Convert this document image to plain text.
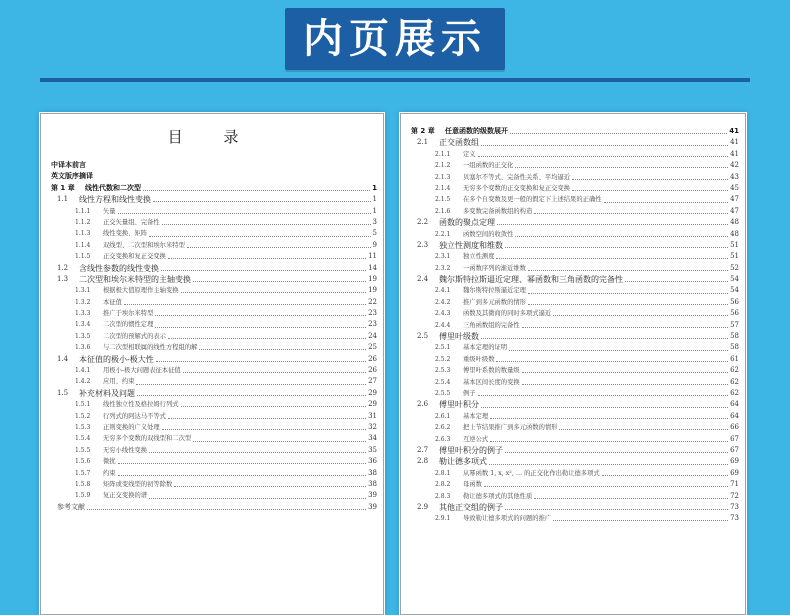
内页展示
目 录
中译本前言
英文版序摘译
第 1 章	线性代数和二次型	1
1.1	线性方程和线性变换	1
1.1.1	矢量	1
1.1.2	正交矢量组、完备性	3
1.1.3	线性变换、矩阵	5
1.1.4	双线型、二次型和埃尔米特型	9
1.1.5	正交变换和复正交变换	11
1.2	含线性参数的线性变换	14
1.3	二次型和埃尔米特型的主轴变换	19
1.3.1	根据极大值原理作主轴变换	19
1.3.2	本征值	22
1.3.3	推广于埃尔米特型	23
1.3.4	二次型的惯性定理	23
1.3.5	二次型的预解式的表示	24
1.3.6	与二次型相联属的线性方程组的解	25
1.4	本征值的极小-极大性	26
1.4.1	用极小-极大问题表征本征值	26
1.4.2	应用、约束	27
1.5	补充材料及问题	29
1.5.1	线性独立性及格拉姆行列式	29
1.5.2	行列式的阿达马不等式	31
1.5.3	正则变换的广义处理	32
1.5.4	无穷多个变数的双线型和二次型	34
1.5.5	无穷小线性变换	35
1.5.6	微扰	36
1.5.7	约束	38
1.5.8	矩阵或变线型的初等除数	38
1.5.9	复正交变换的谱	39
参考文献	39
第 2 章	任意函数的级数展开	41
2.1	正交函数组	41
2.1.1	定义	41
2.1.2	一组函数的正交化	42
2.1.3	贝塞尔不等式、完备性关系、平均逼近	43
2.1.4	无穷多个变数的正交变换和复正交变换	45
2.1.5	在多个自变数及更一般的假定下上述结果的正确性	47
2.1.6	多变数完备函数组的构造	47
2.2	函数的聚点定理	48
2.2.1	函数空间的收敛性	48
2.3	独立性测度和维数	51
2.3.1	独立性测度	51
2.3.2	一函数序列的渐近维数	52
2.4	魏尔斯特拉斯逼近定理、幂函数和三角函数的完备性	54
2.4.1	魏尔斯特拉斯逼近定理	54
2.4.2	推广到多元函数的情形	56
2.4.3	函数及其微商的同时多项式逼近	56
2.4.4	三角函数组的完备性	57
2.5	傅里叶级数	58
2.5.1	基本定理的证明	58
2.5.2	重级叶级数	61
2.5.3	傅里叶系数的数量级	62
2.5.4	基本区间长度的变换	62
2.5.5	例子	62
2.6	傅里叶积分	64
2.6.1	基本定理	64
2.6.2	把上节结果推广到多元函数的情形	66
2.6.3	互逆公式	67
2.7	傅里叶积分的例子	67
2.8	勒让德多项式	69
2.8.1	从幂函数 1, x, x², … 的正交化作出勒让德多项式	69
2.8.2	母函数	71
2.8.3	勒让德多项式的其他性质	72
2.9	其他正交组的例子	73
2.9.1	导致勒让德多项式的问题的推广	73
